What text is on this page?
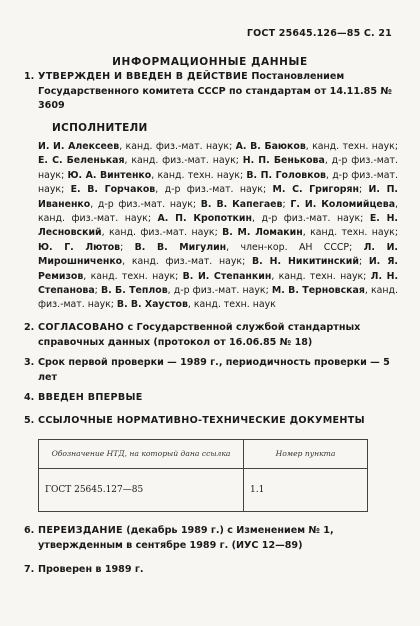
ГОСТ 25645.126—85 С. 21
ИНФОРМАЦИОННЫЕ ДАННЫЕ
1. УТВЕРЖДЕН И ВВЕДЕН В ДЕЙСТВИЕ Постановлением Государственного комитета СССР по стандартам от 14.11.85 № 3609
ИСПОЛНИТЕЛИ
И. И. Алексеев, канд. физ.-мат. наук; А. В. Баюков, канд. техн. наук; Е. С. Беленькая, канд. физ.-мат. наук; Н. П. Бенькова, д-р физ.-мат. наук; Ю. А. Винтенко, канд. техн. наук; В. П. Головков, д-р физ.-мат. наук; Е. В. Горчаков, д-р физ.-мат. наук; М. С. Григорян; И. П. Иваненко, д-р физ.-мат. наук; В. В. Капегаев; Г. И. Коломийцева, канд. физ.-мат. наук; А. П. Кропоткин, д-р физ.-мат. наук; Е. Н. Лесновский, канд. физ.-мат. наук; В. М. Ломакин, канд. техн. наук; Ю. Г. Лютов; В. В. Мигулин, член-кор. АН СССР; Л. И. Мирошниченко, канд. физ.-мат. наук; В. Н. Никитинский; И. Я. Ремизов, канд. техн. наук; В. И. Степанкин, канд. техн. наук; Л. Н. Степанова; В. Б. Теплов, д-р физ.-мат. наук; М. В. Терновская, канд. физ.-мат. наук; В. В. Хаустов, канд. техн. наук
2. СОГЛАСОВАНО с Государственной службой стандартных справочных данных (протокол от 16.06.85 № 18)
3. Срок первой проверки — 1989 г., периодичность проверки — 5 лет
4. ВВЕДЕН ВПЕРВЫЕ
5. ССЫЛОЧНЫЕ НОРМАТИВНО-ТЕХНИЧЕСКИЕ ДОКУМЕНТЫ
Обозначение НТД, на который дана ссылка	Номер пункта
ГОСТ 25645.127—85	1.1
6. ПЕРЕИЗДАНИЕ (декабрь 1989 г.) с Изменением № 1, утвержденным в сентябре 1989 г. (ИУС 12—89)
7. Проверен в 1989 г.
